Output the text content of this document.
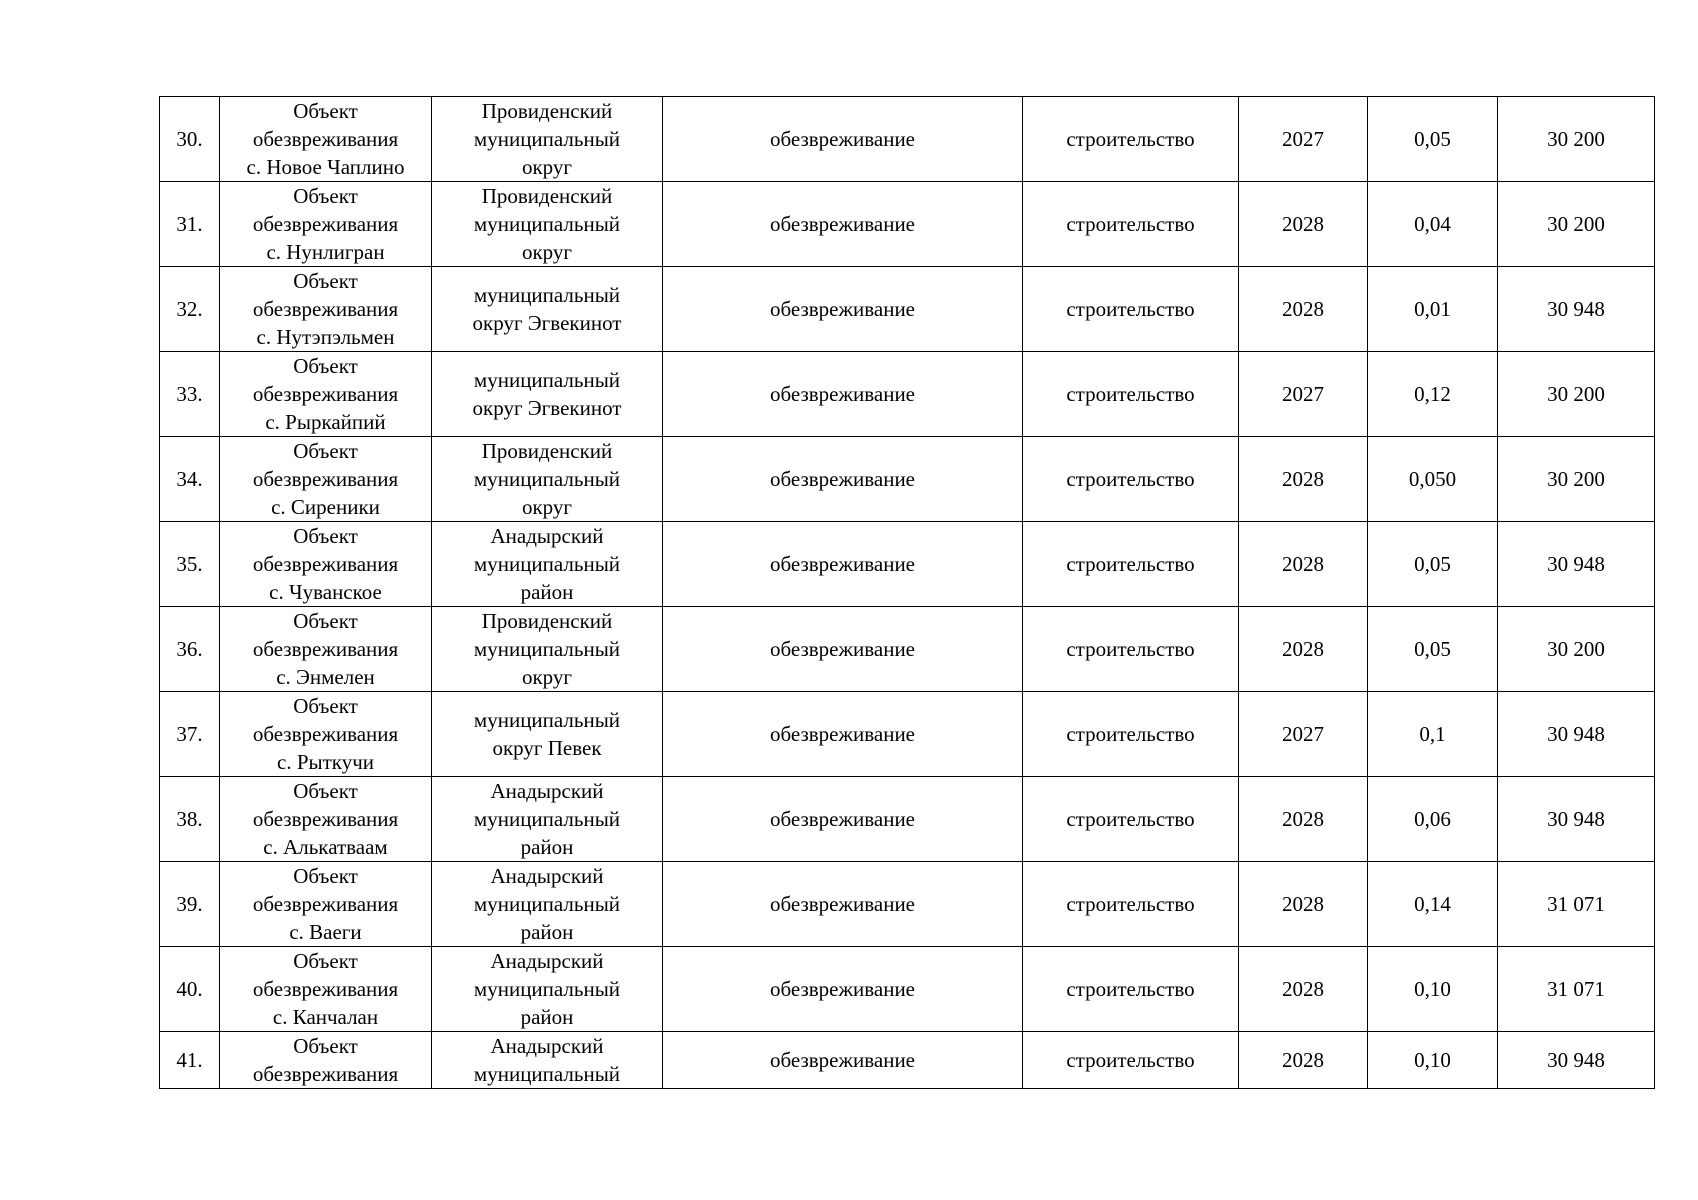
30.	Объект
обезвреживания
с. Новое Чаплино	Провиденский
муниципальный
округ	обезвреживание	строительство	2027	0,05	30 200
31.	Объект
обезвреживания
с. Нунлигран	Провиденский
муниципальный
округ	обезвреживание	строительство	2028	0,04	30 200
32.	Объект
обезвреживания
с. Нутэпэльмен	муниципальный
округ Эгвекинот	обезвреживание	строительство	2028	0,01	30 948
33.	Объект
обезвреживания
с. Рыркайпий	муниципальный
округ Эгвекинот	обезвреживание	строительство	2027	0,12	30 200
34.	Объект
обезвреживания
с. Сиреники	Провиденский
муниципальный
округ	обезвреживание	строительство	2028	0,050	30 200
35.	Объект
обезвреживания
с. Чуванское	Анадырский
муниципальный
район	обезвреживание	строительство	2028	0,05	30 948
36.	Объект
обезвреживания
с. Энмелен	Провиденский
муниципальный
округ	обезвреживание	строительство	2028	0,05	30 200
37.	Объект
обезвреживания
с. Рыткучи	муниципальный
округ Певек	обезвреживание	строительство	2027	0,1	30 948
38.	Объект
обезвреживания
с. Алькатваам	Анадырский
муниципальный
район	обезвреживание	строительство	2028	0,06	30 948
39.	Объект
обезвреживания
с. Ваеги	Анадырский
муниципальный
район	обезвреживание	строительство	2028	0,14	31 071
40.	Объект
обезвреживания
с. Канчалан	Анадырский
муниципальный
район	обезвреживание	строительство	2028	0,10	31 071
41.	Объект
обезвреживания	Анадырский
муниципальный	обезвреживание	строительство	2028	0,10	30 948
